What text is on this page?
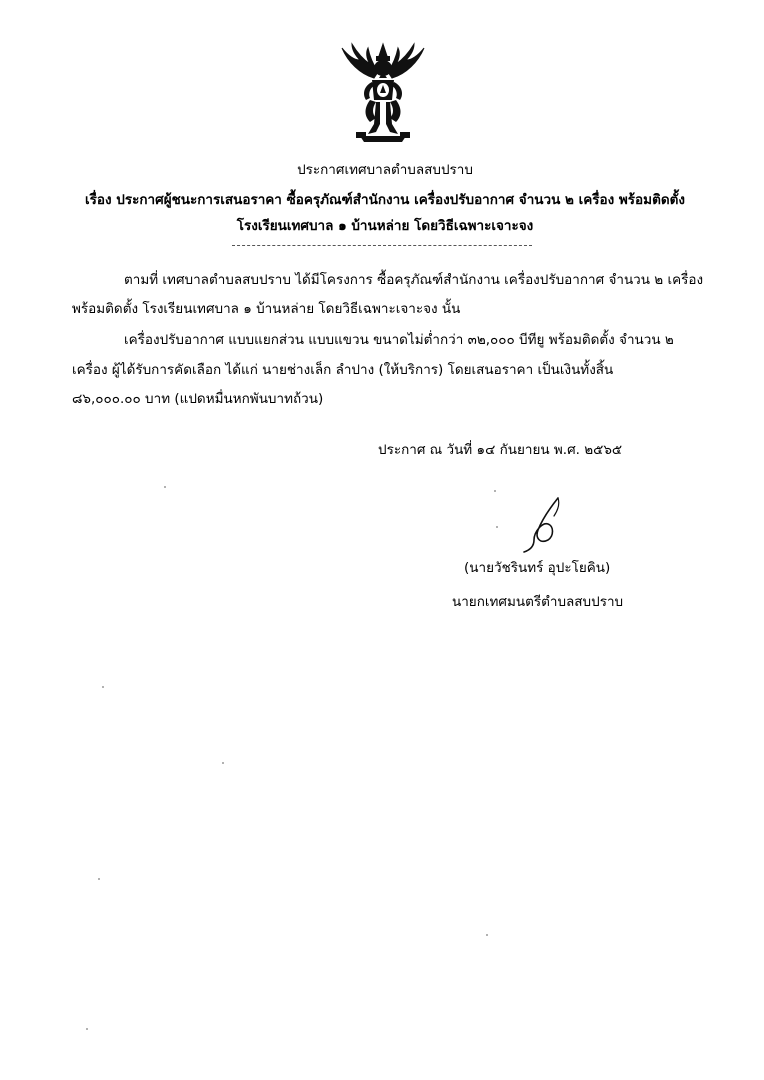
ประกาศเทศบาลตำบลสบปราบ
เรื่อง ประกาศผู้ชนะการเสนอราคา ซื้อครุภัณฑ์สำนักงาน เครื่องปรับอากาศ จำนวน ๒ เครื่อง พร้อมติดตั้ง
โรงเรียนเทศบาล ๑ บ้านหล่าย โดยวิธีเฉพาะเจาะจง
ตามที่ เทศบาลตำบลสบปราบ ได้มีโครงการ ซื้อครุภัณฑ์สำนักงาน เครื่องปรับอากาศ จำนวน ๒ เครื่อง
พร้อมติดตั้ง โรงเรียนเทศบาล ๑ บ้านหล่าย โดยวิธีเฉพาะเจาะจง นั้น
เครื่องปรับอากาศ แบบแยกส่วน แบบแขวน ขนาดไม่ต่ำกว่า ๓๒,๐๐๐ บีทียู พร้อมติดตั้ง จำนวน ๒
เครื่อง ผู้ได้รับการคัดเลือก ได้แก่ นายช่างเล็ก ลำปาง (ให้บริการ) โดยเสนอราคา เป็นเงินทั้งสิ้น
๘๖,๐๐๐.๐๐ บาท (แปดหมื่นหกพันบาทถ้วน)
ประกาศ ณ วันที่ ๑๔ กันยายน พ.ศ. ๒๕๖๕
(นายวัชรินทร์ อุปะโยคิน)
นายกเทศมนตรีตำบลสบปราบ
